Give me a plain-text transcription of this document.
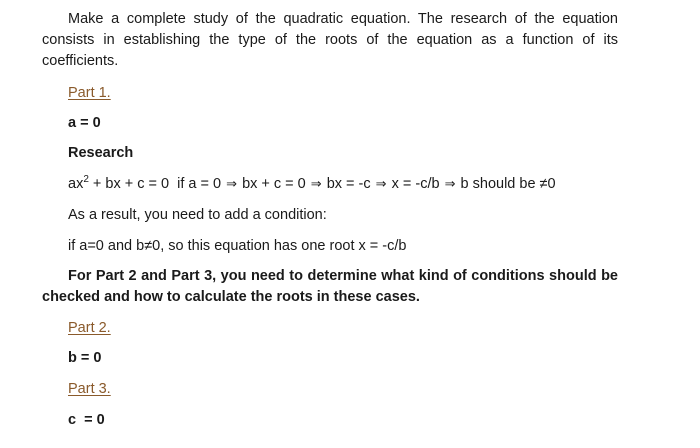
Make a complete study of the quadratic equation. The research of the equation consists in establishing the type of the roots of the equation as a function of its coefficients.
Part 1.
a = 0
Research
$ax^2$ + bx + c = 0 if a = 0 ⇒ bx + c = 0 ⇒ bx = -c ⇒ x = -c/b ⇒ b should be ≠0
As a result, you need to add a condition:
if a=0 and b≠0, so this equation has one root x = -c/b
For Part 2 and Part 3, you need to determine what kind of conditions should be checked and how to calculate the roots in these cases.
Part 2.
b = 0
Part 3.
c  = 0
